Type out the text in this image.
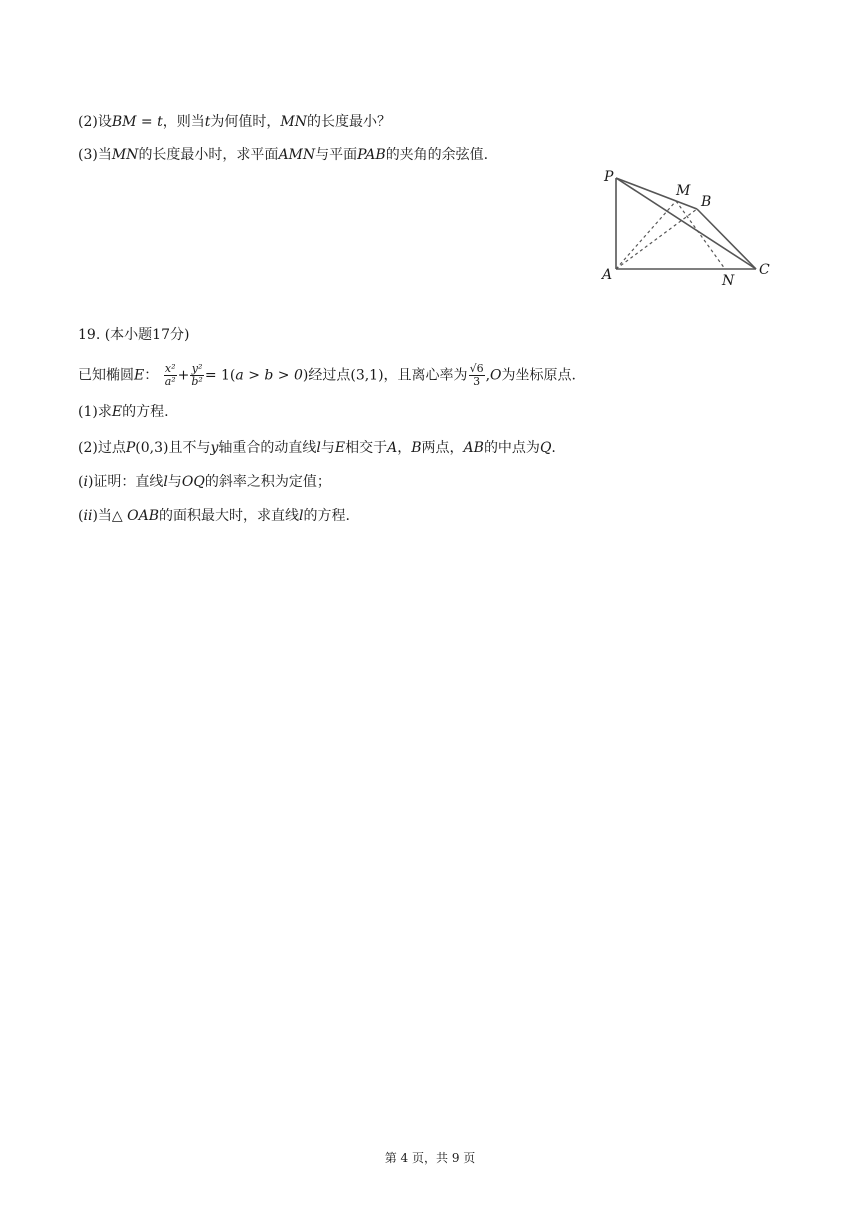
(2)设BM = t，则当t为何值时，MN的长度最小？
(3)当MN的长度最小时，求平面AMN与平面PAB的夹角的余弦值.
P
M
B
A	N
C
19. (本小题17分)
已知椭圆E： $\frac{\text{x²}}{\text{a²}} + \frac{\text{y²}}{\text{b²}} = 1(a > b > 0)$经过点(3,1)，且离心率为 $\frac{√6}{3} ,O$为坐标原点.
(1)求E的方程.
(2)过点P(0,3)且不与y轴重合的动直线l与E相交于A，B两点，AB的中点为Q.
(i)证明：直线l与OQ的斜率之积为定值；
(ii)当△ OAB的面积最大时，求直线l的方程.
第 4 页，共 9 页
